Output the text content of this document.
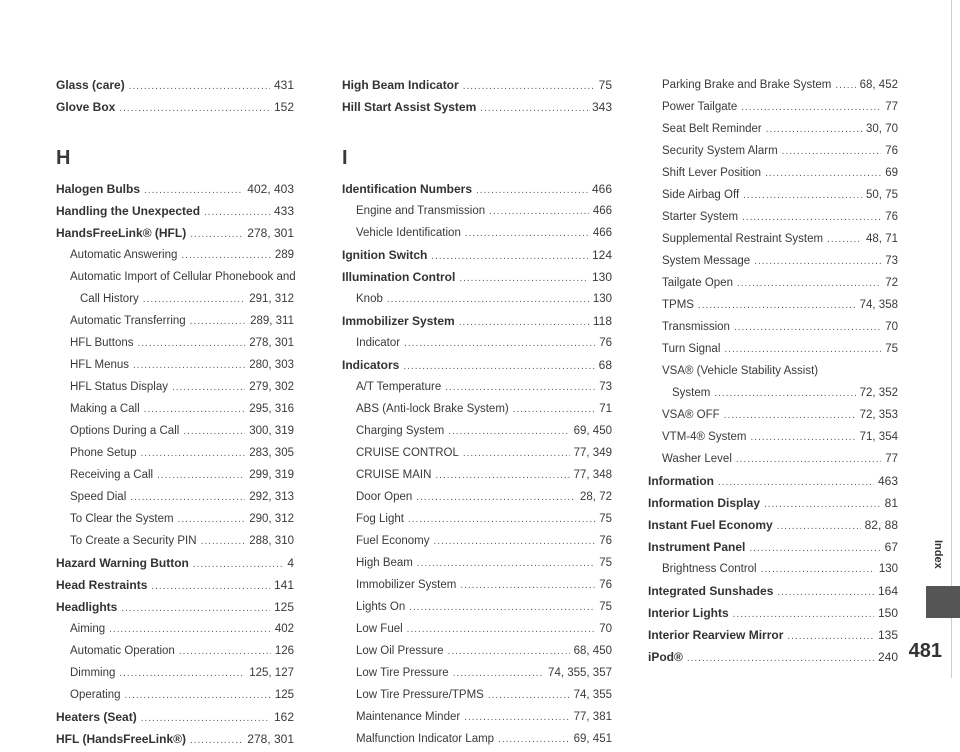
Glass (care) .....	431
Glove Box .....	152
H
Halogen Bulbs .....	402, 403
Handling the Unexpected .....	433
HandsFreeLink® (HFL) .....	278, 301
Automatic Answering .....	289
Automatic Import of Cellular Phonebook and
Call History .....	291, 312
Automatic Transferring .....	289, 311
HFL Buttons .....	278, 301
HFL Menus .....	280, 303
HFL Status Display .....	279, 302
Making a Call .....	295, 316
Options During a Call .....	300, 319
Phone Setup .....	283, 305
Receiving a Call .....	299, 319
Speed Dial .....	292, 313
To Clear the System .....	290, 312
To Create a Security PIN .....	288, 310
Hazard Warning Button .....	4
Head Restraints .....	141
Headlights .....	125
Aiming .....	402
Automatic Operation .....	126
Dimming .....	125, 127
Operating .....	125
Heaters (Seat) .....	162
HFL (HandsFreeLink®) .....	278, 301
High Beam Indicator .....	75
Hill Start Assist System .....	343
I
Identification Numbers .....	466
Engine and Transmission .....	466
Vehicle Identification .....	466
Ignition Switch .....	124
Illumination Control .....	130
Knob .....	130
Immobilizer System .....	118
Indicator .....	76
Indicators .....	68
A/T Temperature .....	73
ABS (Anti-lock Brake System) .....	71
Charging System .....	69, 450
CRUISE CONTROL .....	77, 349
CRUISE MAIN .....	77, 348
Door Open .....	28, 72
Fog Light .....	75
Fuel Economy .....	76
High Beam .....	75
Immobilizer System .....	76
Lights On .....	75
Low Fuel .....	70
Low Oil Pressure .....	68, 450
Low Tire Pressure .....	74, 355, 357
Low Tire Pressure/TPMS .....	74, 355
Maintenance Minder .....	77, 381
Malfunction Indicator Lamp .....	69, 451
Parking Brake and Brake System ..... 68, 452
Power Tailgate .....	77
Seat Belt Reminder .....	30, 70
Security System Alarm .....	76
Shift Lever Position .....	69
Side Airbag Off .....	50, 75
Starter System .....	76
Supplemental Restraint System .....	48, 71
System Message .....	73
Tailgate Open .....	72
TPMS .....	74, 358
Transmission .....	70
Turn Signal .....	75
VSA® (Vehicle Stability Assist)
System .....	72, 352
VSA® OFF .....	72, 353
VTM-4® System .....	71, 354
Washer Level .....	77
Information .....	463
Information Display .....	81
Instant Fuel Economy .....	82, 88
Instrument Panel .....	67
Brightness Control .....	130
Integrated Sunshades .....	164
Interior Lights .....	150
Interior Rearview Mirror .....	135
iPod® .....	240
Index
481
